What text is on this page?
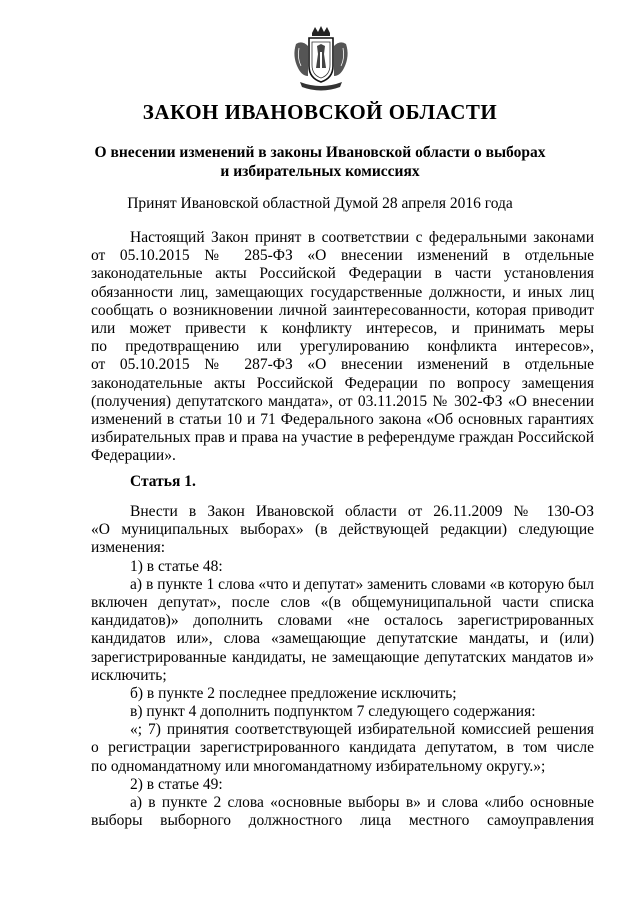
ЗАКОН ИВАНОВСКОЙ ОБЛАСТИ
О внесении изменений в законы Ивановской области о выборах
и избирательных комиссиях
Принят Ивановской областной Думой 28 апреля 2016 года
Настоящий Закон принят в соответствии с федеральными законами
от 05.10.2015 № 285-ФЗ «О внесении изменений в отдельные
законодательные акты Российской Федерации в части установления
обязанности лиц, замещающих государственные должности, и иных лиц
сообщать о возникновении личной заинтересованности, которая приводит
или может привести к конфликту интересов, и принимать меры
по предотвращению или урегулированию конфликта интересов»,
от 05.10.2015 № 287-ФЗ «О внесении изменений в отдельные
законодательные акты Российской Федерации по вопросу замещения
(получения) депутатского мандата», от 03.11.2015 № 302-ФЗ «О внесении
изменений в статьи 10 и 71 Федерального закона «Об основных гарантиях
избирательных прав и права на участие в референдуме граждан Российской
Федерации».
Статья 1.
Внести в Закон Ивановской области от 26.11.2009 № 130-ОЗ
«О муниципальных выборах» (в действующей редакции) следующие
изменения:
1) в статье 48:
а) в пункте 1 слова «что и депутат» заменить словами «в которую был
включен депутат», после слов «(в общемуниципальной части списка
кандидатов)» дополнить словами «не осталось зарегистрированных
кандидатов или», слова «замещающие депутатские мандаты, и (или)
зарегистрированные кандидаты, не замещающие депутатских мандатов и»
исключить;
б) в пункте 2 последнее предложение исключить;
в) пункт 4 дополнить подпунктом 7 следующего содержания:
«; 7) принятия соответствующей избирательной комиссией решения
о регистрации зарегистрированного кандидата депутатом, в том числе
по одномандатному или многомандатному избирательному округу.»;
2) в статье 49:
а) в пункте 2 слова «основные выборы в» и слова «либо основные
выборы выборного должностного лица местного самоуправления
